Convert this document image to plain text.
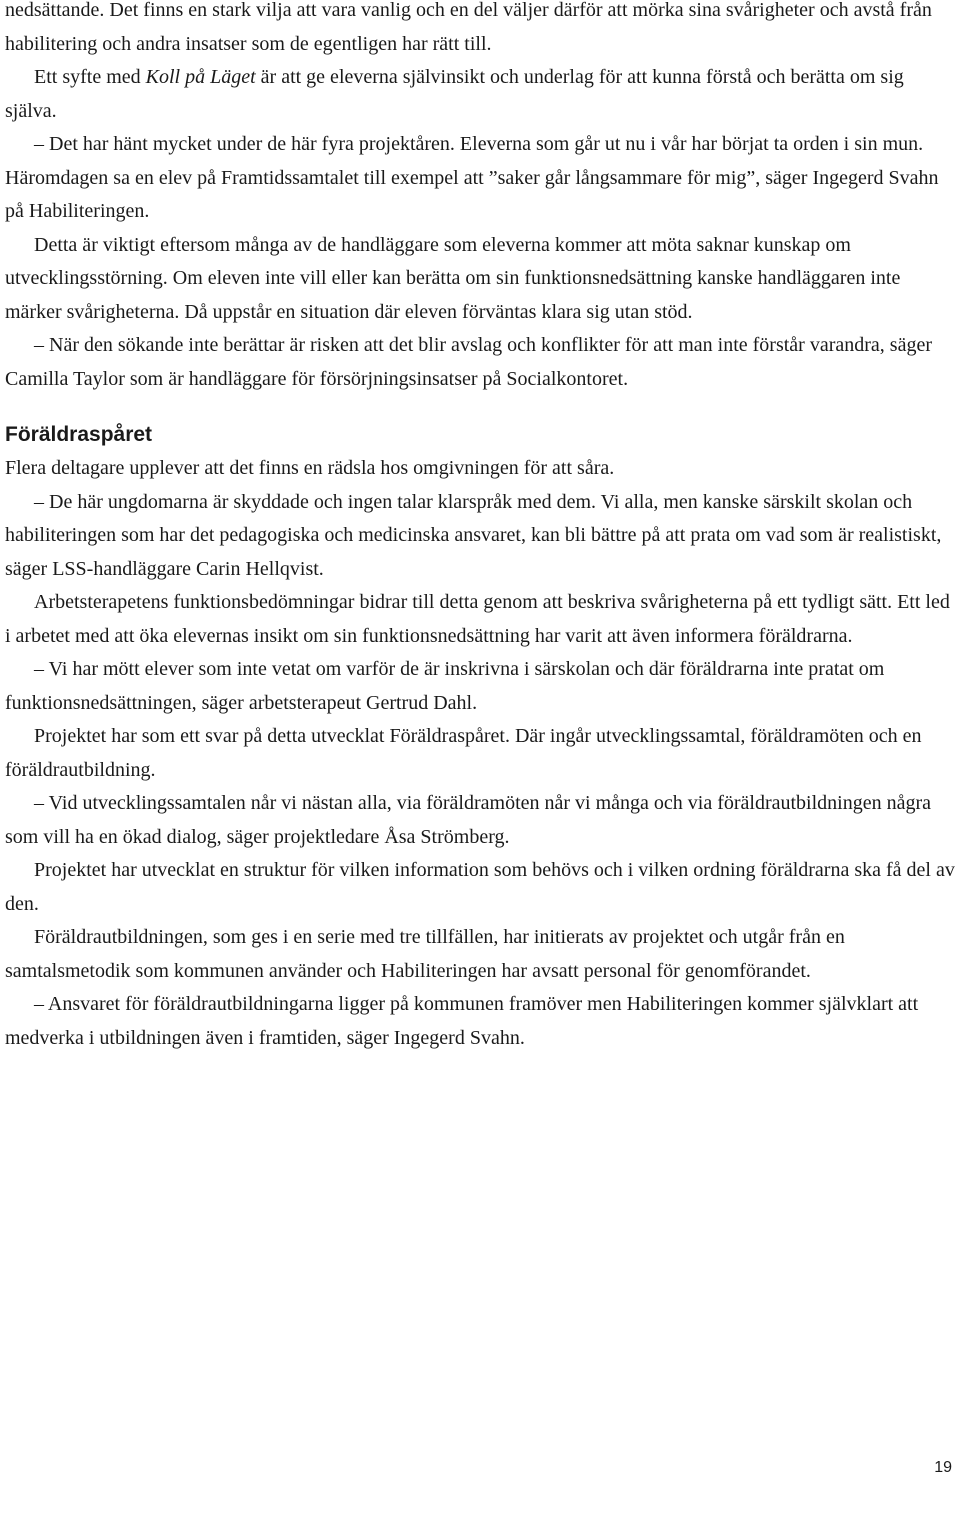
nedsättande. Det finns en stark vilja att vara vanlig och en del väljer därför att mörka sina svårigheter och avstå från habilitering och andra insatser som de egentligen har rätt till.

Ett syfte med Koll på Läget är att ge eleverna självinsikt och underlag för att kunna förstå och berätta om sig själva.

– Det har hänt mycket under de här fyra projektåren. Eleverna som går ut nu i vår har börjat ta orden i sin mun. Häromdagen sa en elev på Framtidssamtalet till exempel att ”saker går långsammare för mig”, säger Ingegerd Svahn på Habiliteringen.

Detta är viktigt eftersom många av de handläggare som eleverna kommer att möta saknar kunskap om utvecklingsstörning. Om eleven inte vill eller kan berätta om sin funktionsnedsättning kanske handläggaren inte märker svårigheterna. Då uppstår en situation där eleven förväntas klara sig utan stöd.

– När den sökande inte berättar är risken att det blir avslag och konflikter för att man inte förstår varandra, säger Camilla Taylor som är handläggare för försörjningsinsatser på Socialkontoret.

Föräldraspåret

Flera deltagare upplever att det finns en rädsla hos omgivningen för att såra.

– De här ungdomarna är skyddade och ingen talar klarspråk med dem. Vi alla, men kanske särskilt skolan och habiliteringen som har det pedagogiska och medicinska ansvaret, kan bli bättre på att prata om vad som är realistiskt, säger LSS-handläggare Carin Hellqvist.

Arbetsterapetens funktionsbedömningar bidrar till detta genom att beskriva svårigheterna på ett tydligt sätt. Ett led i arbetet med att öka elevernas insikt om sin funktionsnedsättning har varit att även informera föräldrarna.

– Vi har mött elever som inte vetat om varför de är inskrivna i särskolan och där föräldrarna inte pratat om funktionsnedsättningen, säger arbetsterapeut Gertrud Dahl.

Projektet har som ett svar på detta utvecklat Föräldraspåret. Där ingår utvecklingssamtal, föräldramöten och en föräldrautbildning.

– Vid utvecklingssamtalen når vi nästan alla, via föräldramöten når vi många och via föräldrautbildningen några som vill ha en ökad dialog, säger projektledare Åsa Strömberg.

Projektet har utvecklat en struktur för vilken information som behövs och i vilken ordning föräldrarna ska få del av den.

Föräldrautbildningen, som ges i en serie med tre tillfällen, har initierats av projektet och utgår från en samtalsmetodik som kommunen använder och Habiliteringen har avsatt personal för genomförandet.

– Ansvaret för föräldrautbildningarna ligger på kommunen framöver men Habiliteringen kommer självklart att medverka i utbildningen även i framtiden, säger Ingegerd Svahn.

19
